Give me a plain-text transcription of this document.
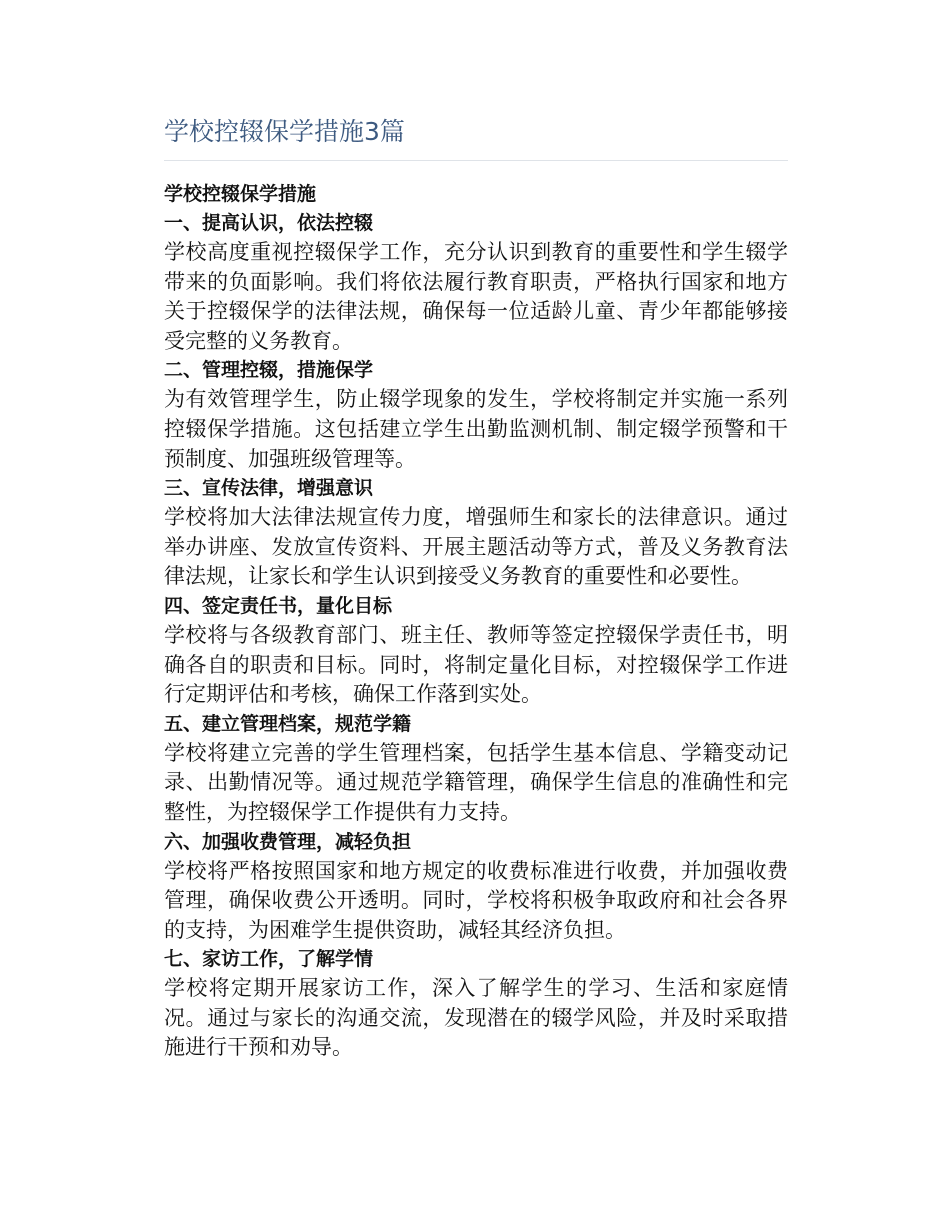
学校控辍保学措施3篇
学校控辍保学措施
一、提高认识，依法控辍

学校高度重视控辍保学工作，充分认识到教育的重要性和学生辍学带来的负面影响。我们将依法履行教育职责，严格执行国家和地方关于控辍保学的法律法规，确保每一位适龄儿童、青少年都能够接受完整的义务教育。

二、管理控辍，措施保学

为有效管理学生，防止辍学现象的发生，学校将制定并实施一系列控辍保学措施。这包括建立学生出勤监测机制、制定辍学预警和干预制度、加强班级管理等。

三、宣传法律，增强意识

学校将加大法律法规宣传力度，增强师生和家长的法律意识。通过举办讲座、发放宣传资料、开展主题活动等方式，普及义务教育法律法规，让家长和学生认识到接受义务教育的重要性和必要性。

四、签定责任书，量化目标

学校将与各级教育部门、班主任、教师等签定控辍保学责任书，明确各自的职责和目标。同时，将制定量化目标，对控辍保学工作进行定期评估和考核，确保工作落到实处。

五、建立管理档案，规范学籍

学校将建立完善的学生管理档案，包括学生基本信息、学籍变动记录、出勤情况等。通过规范学籍管理，确保学生信息的准确性和完整性，为控辍保学工作提供有力支持。

六、加强收费管理，减轻负担

学校将严格按照国家和地方规定的收费标准进行收费，并加强收费管理，确保收费公开透明。同时，学校将积极争取政府和社会各界的支持，为困难学生提供资助，减轻其经济负担。

七、家访工作，了解学情

学校将定期开展家访工作，深入了解学生的学习、生活和家庭情况。通过与家长的沟通交流，发现潜在的辍学风险，并及时采取措施进行干预和劝导。
